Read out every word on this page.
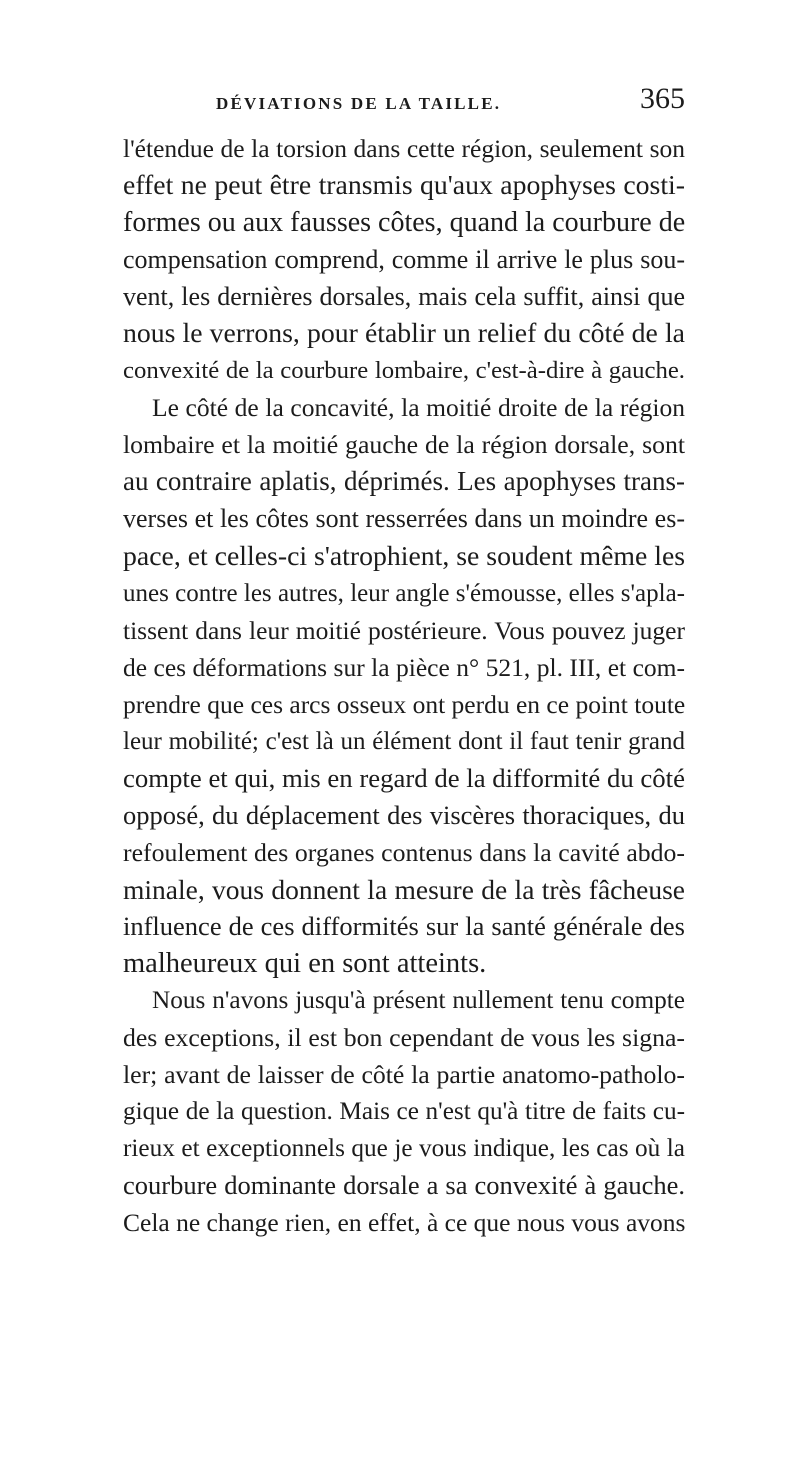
DÉVIATIONS DE LA TAILLE.	365
l'étendue de la torsion dans cette région, seulement son
effet ne peut être transmis qu'aux apophyses costi-
formes ou aux fausses côtes, quand la courbure de
compensation comprend, comme il arrive le plus sou-
vent, les dernières dorsales, mais cela suffit, ainsi que
nous le verrons, pour établir un relief du côté de la
convexité de la courbure lombaire, c'est-à-dire à gauche.
Le côté de la concavité, la moitié droite de la région
lombaire et la moitié gauche de la région dorsale, sont
au contraire aplatis, déprimés. Les apophyses trans-
verses et les côtes sont resserrées dans un moindre es-
pace, et celles-ci s'atrophient, se soudent même les
unes contre les autres, leur angle s'émousse, elles s'apla-
tissent dans leur moitié postérieure. Vous pouvez juger
de ces déformations sur la pièce n° 521, pl. III, et com-
prendre que ces arcs osseux ont perdu en ce point toute
leur mobilité; c'est là un élément dont il faut tenir grand
compte et qui, mis en regard de la difformité du côté
opposé, du déplacement des viscères thoraciques, du
refoulement des organes contenus dans la cavité abdo-
minale, vous donnent la mesure de la très fâcheuse
influence de ces difformités sur la santé générale des
malheureux qui en sont atteints.
Nous n'avons jusqu'à présent nullement tenu compte
des exceptions, il est bon cependant de vous les signa-
ler; avant de laisser de côté la partie anatomo-patholo-
gique de la question. Mais ce n'est qu'à titre de faits cu-
rieux et exceptionnels que je vous indique, les cas où la
courbure dominante dorsale a sa convexité à gauche.
Cela ne change rien, en effet, à ce que nous vous avons
